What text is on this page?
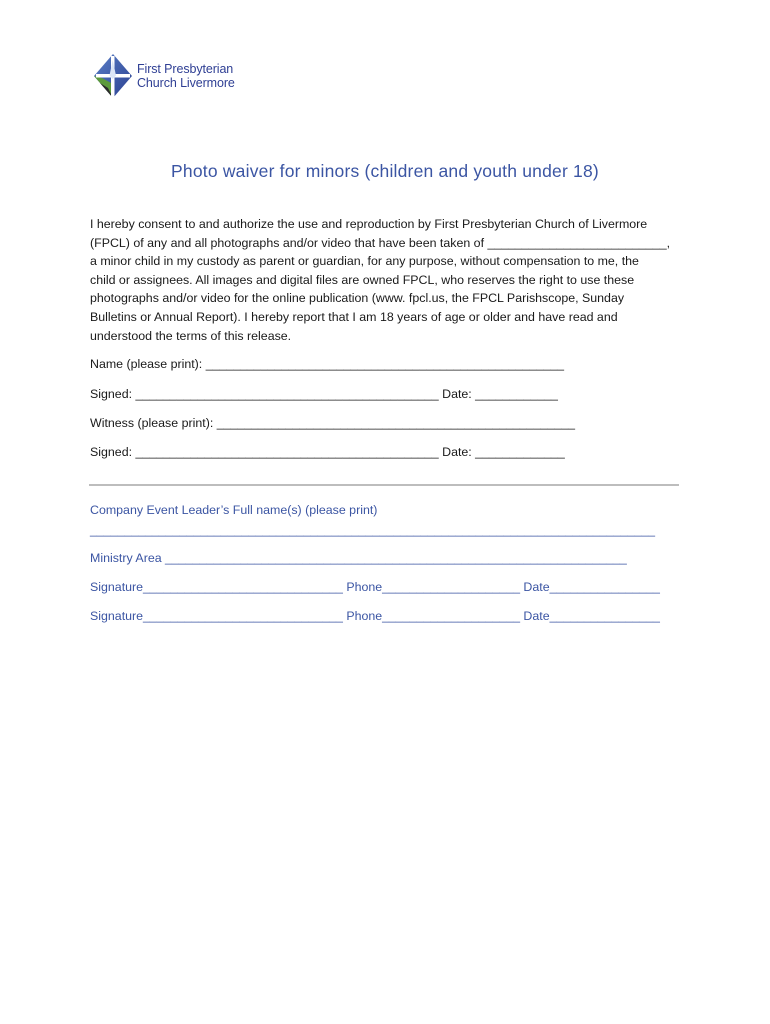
First Presbyterian
Church Livermore
Photo waiver for minors (children and youth under 18)
I hereby consent to and authorize the use and reproduction by First Presbyterian Church of Livermore
(FPCL) of any and all photographs and/or video that have been taken of __________________________,
a minor child in my custody as parent or guardian, for any purpose, without compensation to me, the
child or assignees. All images and digital files are owned FPCL, who reserves the right to use these
photographs and/or video for the online publication (www. fpcl.us, the FPCL Parishscope, Sunday
Bulletins or Annual Report). I hereby report that I am 18 years of age or older and have read and
understood the terms of this release.
Name (please print): ____________________________________________________
Signed: ____________________________________________ Date: ____________
Witness (please print): ____________________________________________________
Signed: ____________________________________________ Date: _____________
Company Event Leader’s Full name(s) (please print)
__________________________________________________________________________________
Ministry Area ___________________________________________________________________
Signature_____________________________ Phone____________________ Date________________
Signature_____________________________ Phone____________________ Date________________
